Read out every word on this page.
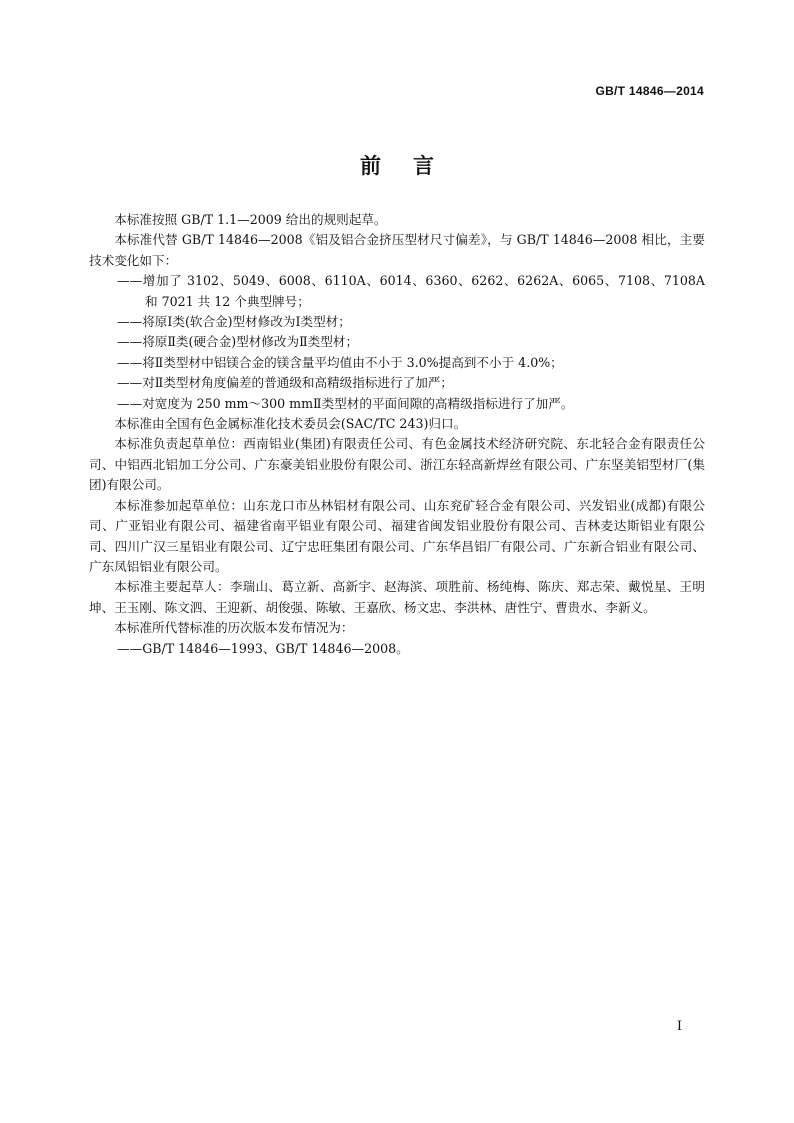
GB/T 14846—2014
前言

本标准按照 GB/T 1.1—2009 给出的规则起草。

本标准代替 GB/T 14846—2008《铝及铝合金挤压型材尺寸偏差》，与 GB/T 14846—2008 相比，主要技术变化如下：

——增加了 3102、5049、6008、6110A、6014、6360、6262、6262A、6065、7108、7108A 和 7021 共 12 个典型牌号；

——将原Ⅰ类(软合金)型材修改为Ⅰ类型材；

——将原Ⅱ类(硬合金)型材修改为Ⅱ类型材；

——将Ⅱ类型材中铝镁合金的镁含量平均值由不小于 3.0%提高到不小于 4.0%；

——对Ⅱ类型材角度偏差的普通级和高精级指标进行了加严；

——对宽度为 250 mm～300 mmⅡ类型材的平面间隙的高精级指标进行了加严。

本标准由全国有色金属标准化技术委员会(SAC/TC 243)归口。

本标准负责起草单位：西南铝业(集团)有限责任公司、有色金属技术经济研究院、东北轻合金有限责任公司、中铝西北铝加工分公司、广东豪美铝业股份有限公司、浙江东轻高新焊丝有限公司、广东坚美铝型材厂(集团)有限公司。

本标准参加起草单位：山东龙口市丛林铝材有限公司、山东兖矿轻合金有限公司、兴发铝业(成都)有限公司、广亚铝业有限公司、福建省南平铝业有限公司、福建省闽发铝业股份有限公司、吉林麦达斯铝业有限公司、四川广汉三星铝业有限公司、辽宁忠旺集团有限公司、广东华昌铝厂有限公司、广东新合铝业有限公司、广东凤铝铝业有限公司。

本标准主要起草人：李瑞山、葛立新、高新宇、赵海滨、项胜前、杨纯梅、陈庆、郑志荣、戴悦星、王明坤、王玉刚、陈文泗、王迎新、胡俊强、陈敏、王嘉欣、杨文忠、李洪林、唐性宁、曹贵水、李新义。

本标准所代替标准的历次版本发布情况为：

——GB/T 14846—1993、GB/T 14846—2008。

Ⅰ
